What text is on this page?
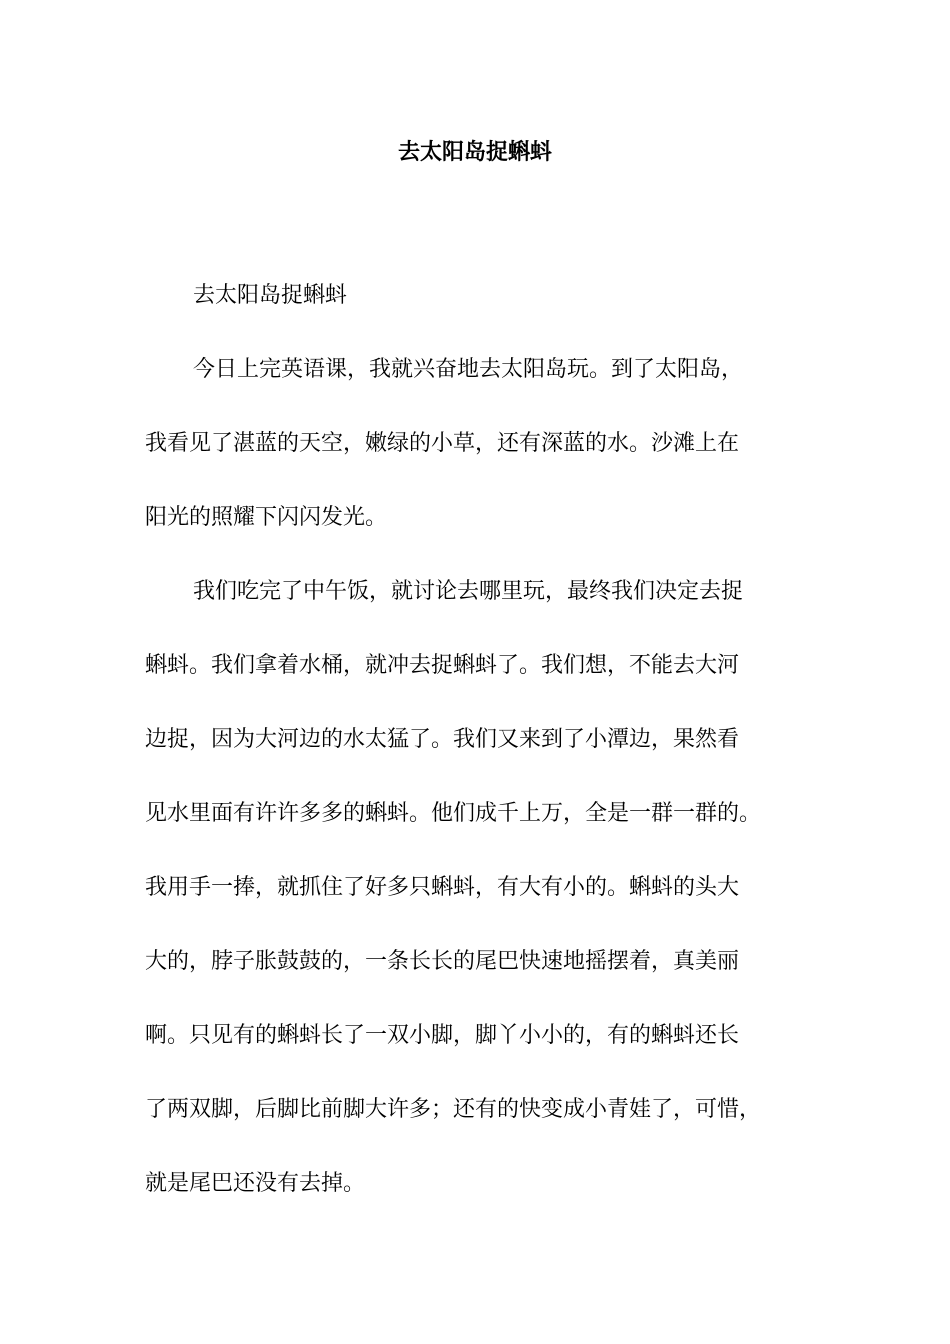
去太阳岛捉蝌蚪
去太阳岛捉蝌蚪
今日上完英语课，我就兴奋地去太阳岛玩。到了太阳岛，
我看见了湛蓝的天空，嫩绿的小草，还有深蓝的水。沙滩上在
阳光的照耀下闪闪发光。
我们吃完了中午饭，就讨论去哪里玩，最终我们决定去捉
蝌蚪。我们拿着水桶，就冲去捉蝌蚪了。我们想，不能去大河
边捉，因为大河边的水太猛了。我们又来到了小潭边，果然看
见水里面有许许多多的蝌蚪。他们成千上万，全是一群一群的。
我用手一捧，就抓住了好多只蝌蚪，有大有小的。蝌蚪的头大
大的，脖子胀鼓鼓的，一条长长的尾巴快速地摇摆着，真美丽
啊。只见有的蝌蚪长了一双小脚，脚丫小小的，有的蝌蚪还长
了两双脚，后脚比前脚大许多；还有的快变成小青娃了，可惜，
就是尾巴还没有去掉。
